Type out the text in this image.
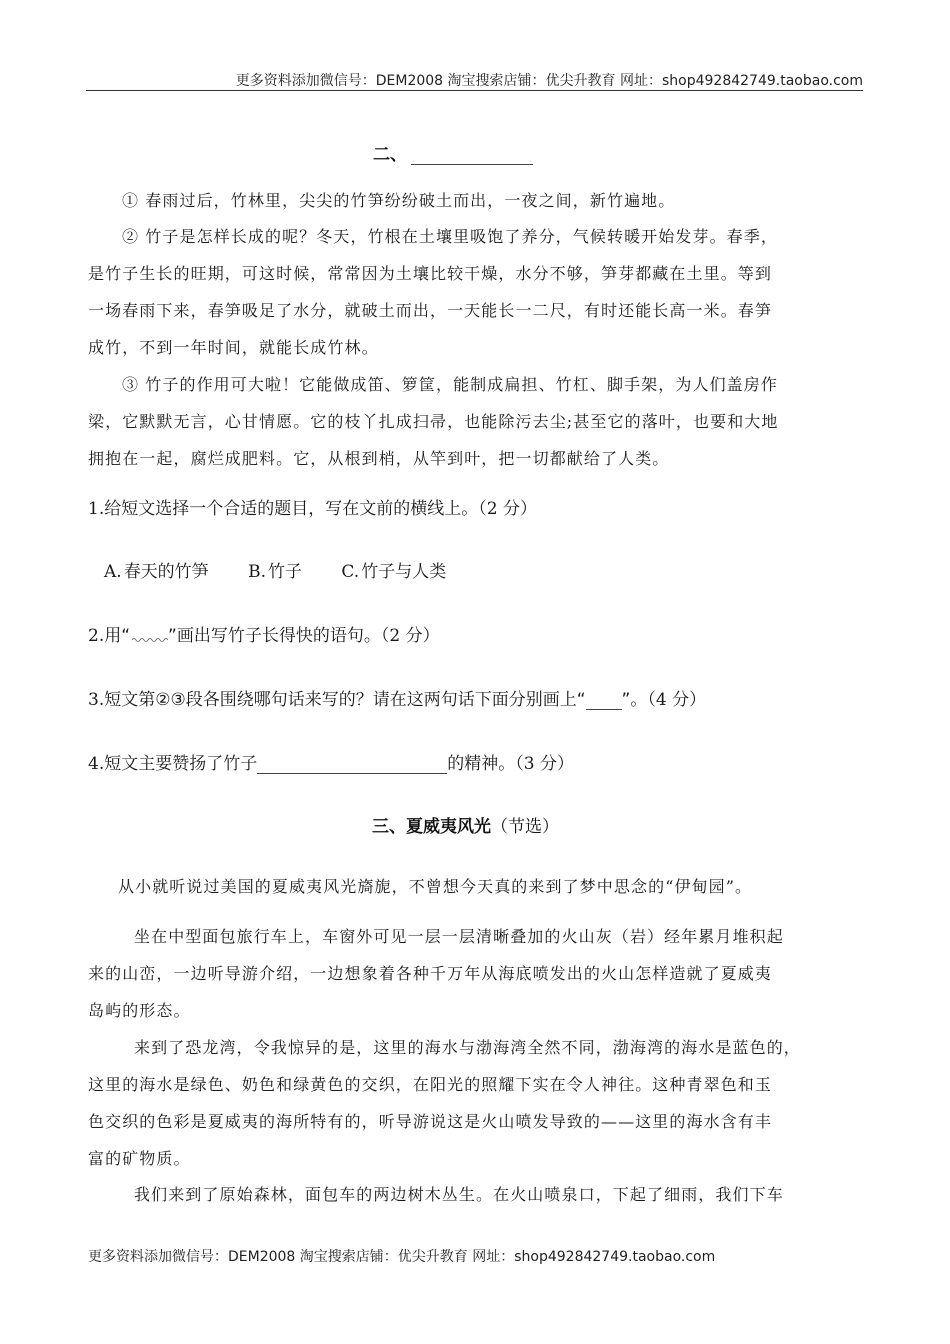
更多资料添加微信号：DEM2008 淘宝搜索店铺：优尖升教育 网址：shop492842749.taobao.com
二、
① 春雨过后，竹林里，尖尖的竹笋纷纷破土而出，一夜之间，新竹遍地。
② 竹子是怎样长成的呢？冬天，竹根在土壤里吸饱了养分，气候转暖开始发芽。春季，
是竹子生长的旺期，可这时候，常常因为土壤比较干燥，水分不够，笋芽都藏在土里。等到
一场春雨下来，春笋吸足了水分，就破土而出，一天能长一二尺，有时还能长高一米。春笋
成竹，不到一年时间，就能长成竹林。
③ 竹子的作用可大啦！它能做成笛、箩筐，能制成扁担、竹杠、脚手架，为人们盖房作
梁，它默默无言，心甘情愿。它的枝丫扎成扫帚，也能除污去尘;甚至它的落叶，也要和大地
拥抱在一起，腐烂成肥料。它，从根到梢，从竿到叶，把一切都献给了人类。
1.给短文选择一个合适的题目，写在文前的横线上。（2 分）
A. 春天的竹笋 B. 竹子 C. 竹子与人类
2.用“ ”画出写竹子长得快的语句。（2 分）
3.短文第②③段各围绕哪句话来写的？请在这两句话下面分别画上“ ”。（4 分）
4.短文主要赞扬了竹子	的精神。（3 分）
三、夏威夷风光（节选）
从小就听说过美国的夏威夷风光旖旎，不曾想今天真的来到了梦中思念的“伊甸园”。
坐在中型面包旅行车上，车窗外可见一层一层清晰叠加的火山灰（岩）经年累月堆积起
来的山峦，一边听导游介绍，一边想象着各种千万年从海底喷发出的火山怎样造就了夏威夷
岛屿的形态。
来到了恐龙湾，令我惊异的是，这里的海水与渤海湾全然不同，渤海湾的海水是蓝色的，
这里的海水是绿色、奶色和绿黄色的交织，在阳光的照耀下实在令人神往。这种青翠色和玉
色交织的色彩是夏威夷的海所特有的，听导游说这是火山喷发导致的——这里的海水含有丰
富的矿物质。
我们来到了原始森林，面包车的两边树木丛生。在火山喷泉口，下起了细雨，我们下车
更多资料添加微信号：DEM2008 淘宝搜索店铺：优尖升教育 网址：shop492842749.taobao.com
